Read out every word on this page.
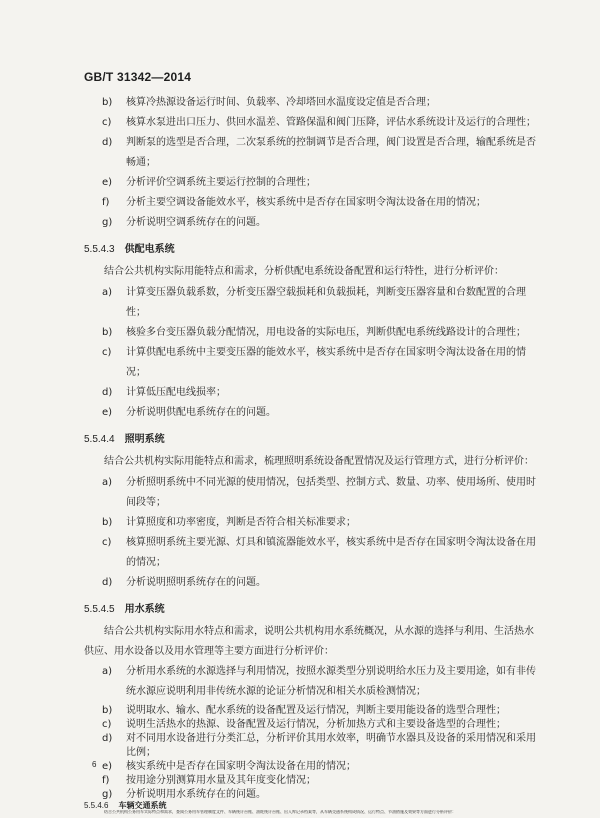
GB/T 31342—2014
b)	核算冷热源设备运行时间、负载率、冷却塔回水温度设定值是否合理；
c)	核算水泵进出口压力、供回水温差、管路保温和阀门压降，评估水系统设计及运行的合理性；
d)	判断泵的选型是否合理，二次泵系统的控制调节是否合理，阀门设置是否合理，输配系统是否畅通；
e)	分析评价空调系统主要运行控制的合理性；
f)	分析主要空调设备能效水平，核实系统中是否存在国家明令淘汰设备在用的情况；
g)	分析说明空调系统存在的问题。
5.5.4.3 供配电系统
结合公共机构实际用能特点和需求，分析供配电系统设备配置和运行特性，进行分析评价：
a)	计算变压器负载系数，分析变压器空载损耗和负载损耗，判断变压器容量和台数配置的合理性；
b)	核验多台变压器负载分配情况，用电设备的实际电压，判断供配电系统线路设计的合理性；
c)	计算供配电系统中主要变压器的能效水平，核实系统中是否存在国家明令淘汰设备在用的情况；
d)	计算低压配电线损率；
e)	分析说明供配电系统存在的问题。
5.5.4.4 照明系统
结合公共机构实际用能特点和需求，梳理照明系统设备配置情况及运行管理方式，进行分析评价：
a)	分析照明系统中不同光源的使用情况，包括类型、控制方式、数量、功率、使用场所、使用时间段等；
b)	计算照度和功率密度，判断是否符合相关标准要求；
c)	核算照明系统主要光源、灯具和镇流器能效水平，核实系统中是否存在国家明令淘汰设备在用的情况；
d)	分析说明照明系统存在的问题。
5.5.4.5 用水系统
结合公共机构实际用水特点和需求，说明公共机构用水系统概况，从水源的选择与利用、生活热水供应、用水设备以及用水管理等主要方面进行分析评价：
a)	分析用水系统的水源选择与利用情况，按照水源类型分别说明给水压力及主要用途，如有非传统水源应说明利用非传统水源的论证分析情况和相关水质检测情况；
b)	说明取水、输水、配水系统的设备配置及运行情况，判断主要用能设备的选型合理性；
c)	说明生活热水的热源、设备配置及运行情况，分析加热方式和主要设备选型的合理性；
d)	对不同用水设备进行分类汇总，分析评价其用水效率，明确节水器具及设备的采用情况和采用比例；
e)	核实系统中是否存在国家明令淘汰设备在用的情况；
f)	按用途分别测算用水量及其年度变化情况；
g)	分析说明用水系统存在的问题。
5.5.4.6 车辆交通系统
结合公共机构公务用车实际特点和需求，查阅公务用车管理制度文件、车辆统计台账、油耗统计台账、出入库记录档案等，从车辆交通系统构成情况、运行特点、节油措施及效果等方面进行分析评价：
6
